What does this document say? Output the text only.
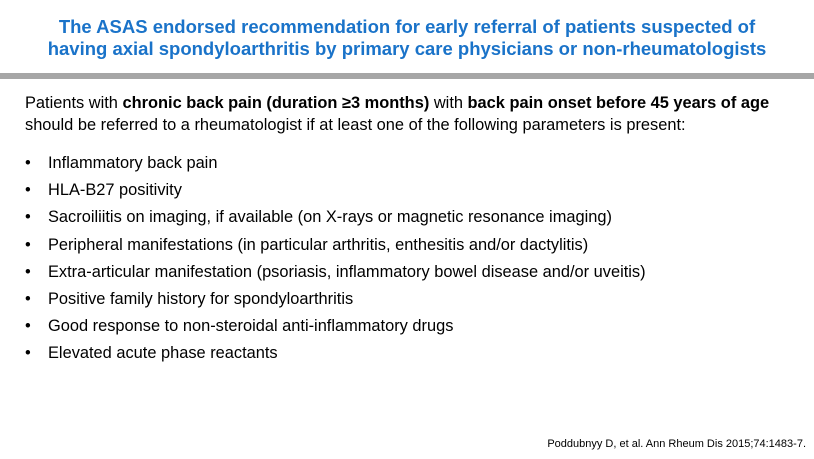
The ASAS endorsed recommendation for early referral of patients suspected of
having axial spondyloarthritis by primary care physicians or non-rheumatologists
Patients with chronic back pain (duration ≥3 months) with back pain onset before 45 years of age should be referred to a rheumatologist if at least one of the following parameters is present:
• Inflammatory back pain
• HLA-B27 positivity
• Sacroiliitis on imaging, if available (on X-rays or magnetic resonance imaging)
• Peripheral manifestations (in particular arthritis, enthesitis and/or dactylitis)
• Extra-articular manifestation (psoriasis, inflammatory bowel disease and/or uveitis)
• Positive family history for spondyloarthritis
• Good response to non-steroidal anti-inflammatory drugs
• Elevated acute phase reactants
Poddubnyy D, et al. Ann Rheum Dis 2015;74:1483-7.
